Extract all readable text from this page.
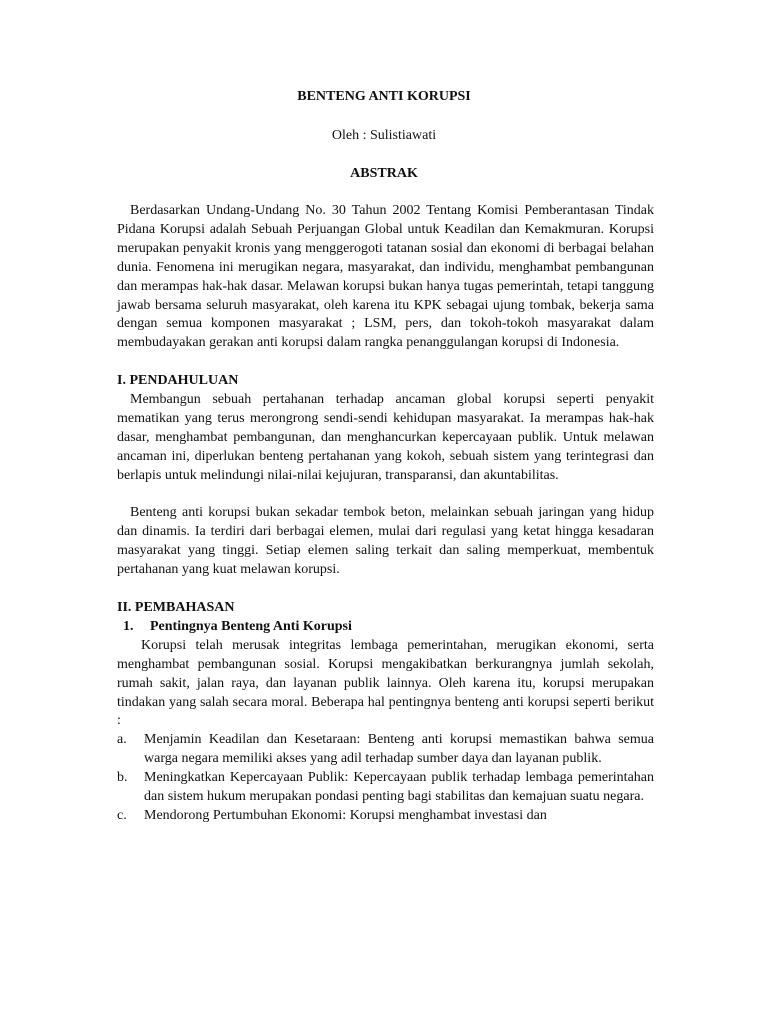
BENTENG ANTI KORUPSI

Oleh : Sulistiawati

ABSTRAK

Berdasarkan Undang-Undang No. 30 Tahun 2002 Tentang Komisi Pemberantasan Tindak Pidana Korupsi adalah Sebuah Perjuangan Global untuk Keadilan dan Kemakmuran. Korupsi merupakan penyakit kronis yang menggerogoti tatanan sosial dan ekonomi di berbagai belahan dunia. Fenomena ini merugikan negara, masyarakat, dan individu, menghambat pembangunan dan merampas hak-hak dasar. Melawan korupsi bukan hanya tugas pemerintah, tetapi tanggung jawab bersama seluruh masyarakat, oleh karena itu KPK sebagai ujung tombak, bekerja sama dengan semua komponen masyarakat ; LSM, pers, dan tokoh-tokoh masyarakat dalam membudayakan gerakan anti korupsi dalam rangka penanggulangan korupsi di Indonesia.

I. PENDAHULUAN

Membangun sebuah pertahanan terhadap ancaman global korupsi seperti penyakit mematikan yang terus merongrong sendi-sendi kehidupan masyarakat. Ia merampas hak-hak dasar, menghambat pembangunan, dan menghancurkan kepercayaan publik. Untuk melawan ancaman ini, diperlukan benteng pertahanan yang kokoh, sebuah sistem yang terintegrasi dan berlapis untuk melindungi nilai-nilai kejujuran, transparansi, dan akuntabilitas.

Benteng anti korupsi bukan sekadar tembok beton, melainkan sebuah jaringan yang hidup dan dinamis. Ia terdiri dari berbagai elemen, mulai dari regulasi yang ketat hingga kesadaran masyarakat yang tinggi. Setiap elemen saling terkait dan saling memperkuat, membentuk pertahanan yang kuat melawan korupsi.

II. PEMBAHASAN
1. Pentingnya Benteng Anti Korupsi

Korupsi telah merusak integritas lembaga pemerintahan, merugikan ekonomi, serta menghambat pembangunan sosial. Korupsi mengakibatkan berkurangnya jumlah sekolah, rumah sakit, jalan raya, dan layanan publik lainnya. Oleh karena itu, korupsi merupakan tindakan yang salah secara moral. Beberapa hal pentingnya benteng anti korupsi seperti berikut :

a. Menjamin Keadilan dan Kesetaraan: Benteng anti korupsi memastikan bahwa semua warga negara memiliki akses yang adil terhadap sumber daya dan layanan publik.
b. Meningkatkan Kepercayaan Publik: Kepercayaan publik terhadap lembaga pemerintahan dan sistem hukum merupakan pondasi penting bagi stabilitas dan kemajuan suatu negara.
c. Mendorong Pertumbuhan Ekonomi: Korupsi menghambat investasi dan
